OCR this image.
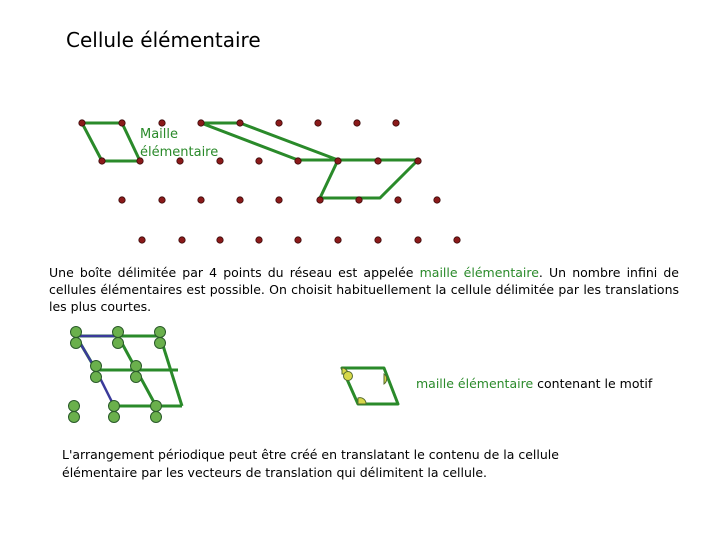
Cellule élémentaire
Maille
élémentaire
Une boîte délimitée par 4 points du réseau est appelée maille élémentaire. Un nombre infini de cellules élémentaires est possible. On choisit habituellement la cellule délimitée par les translations les plus courtes.
maille élémentaire contenant le motif
L'arrangement périodique peut être créé en translatant le contenu de la cellule élémentaire par les vecteurs de translation qui délimitent la cellule.
